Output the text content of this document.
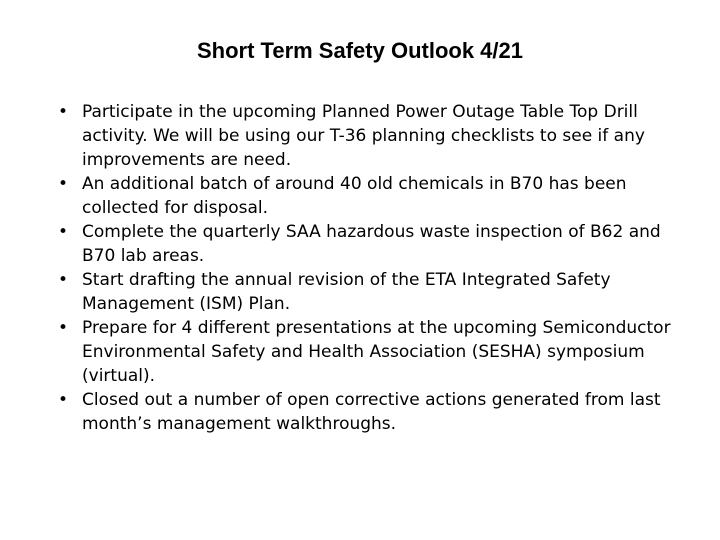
Short Term Safety Outlook 4/21
• Participate in the upcoming Planned Power Outage Table Top Drill activity. We will be using our T-36 planning checklists to see if any improvements are need.
• An additional batch of around 40 old chemicals in B70 has been collected for disposal.
• Complete the quarterly SAA hazardous waste inspection of B62 and B70 lab areas.
• Start drafting the annual revision of the ETA Integrated Safety Management (ISM) Plan.
• Prepare for 4 different presentations at the upcoming Semiconductor Environmental Safety and Health Association (SESHA) symposium (virtual).
• Closed out a number of open corrective actions generated from last month’s management walkthroughs.
